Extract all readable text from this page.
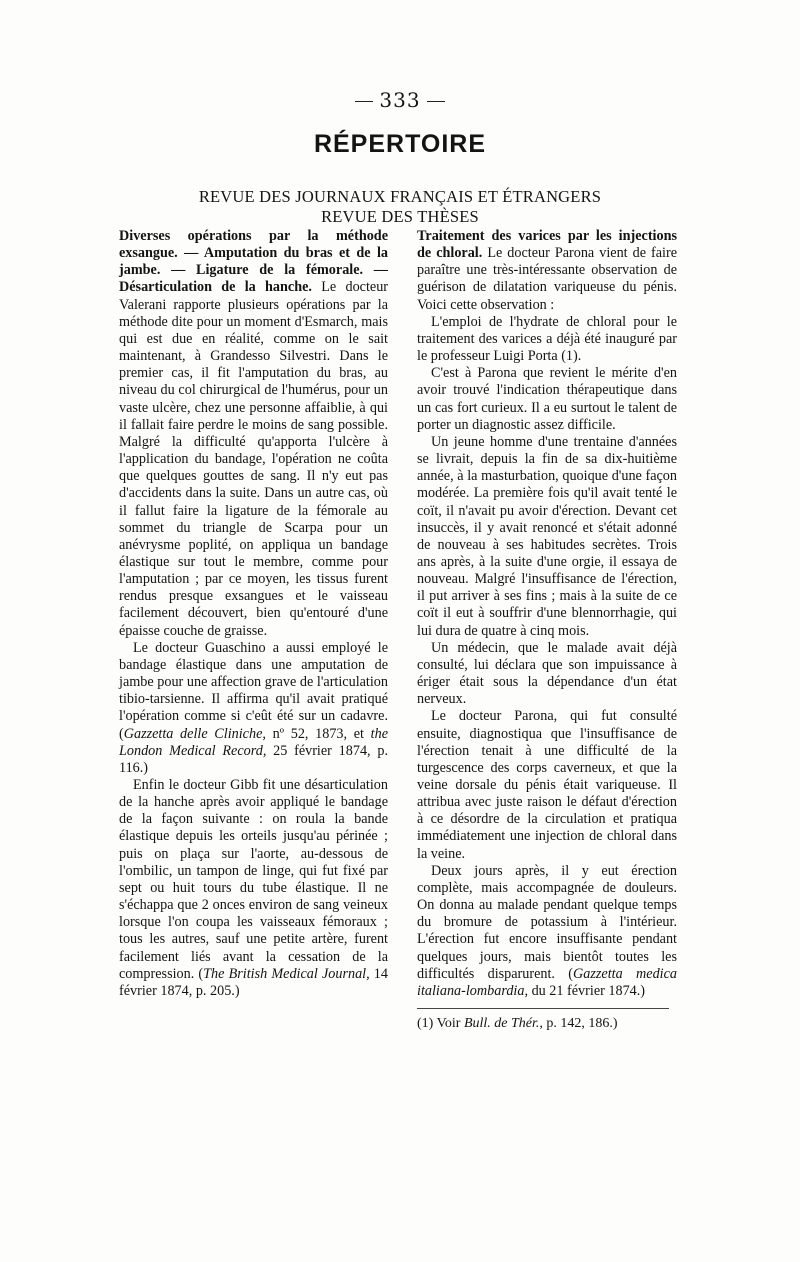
333
RÉPERTOIRE
REVUE DES JOURNAUX FRANÇAIS ET ÉTRANGERS
REVUE DES THÈSES

Diverses opérations par la méthode exsangue. — Amputation du bras et de la jambe. — Ligature de la fémorale. — Désarticulation de la hanche. Le docteur Valerani rapporte plusieurs opérations par la méthode dite pour un moment d'Esmarch, mais qui est due en réalité, comme on le sait maintenant, à Grandesso Silvestri. Dans le premier cas, il fit l'amputation du bras, au niveau du col chirurgical de l'humérus, pour un vaste ulcère, chez une personne affaiblie, à qui il fallait faire perdre le moins de sang possible. Malgré la difficulté qu'apporta l'ulcère à l'application du bandage, l'opération ne coûta que quelques gouttes de sang. Il n'y eut pas d'accidents dans la suite. Dans un autre cas, où il fallut faire la ligature de la fémorale au sommet du triangle de Scarpa pour un anévrysme poplité, on appliqua un bandage élastique sur tout le membre, comme pour l'amputation ; par ce moyen, les tissus furent rendus presque exsangues et le vaisseau facilement découvert, bien qu'entouré d'une épaisse couche de graisse.

Le docteur Guaschino a aussi employé le bandage élastique dans une amputation de jambe pour une affection grave de l'articulation tibio-tarsienne. Il affirma qu'il avait pratiqué l'opération comme si c'eût été sur un cadavre.(Gazzetta delle Cliniche, nº 52, 1873, et the London Medical Record, 25 février 1874, p. 116.)

Enfin le docteur Gibb fit une désarticulation de la hanche après avoir appliqué le bandage de la façon suivante : on roula la bande élastique depuis les orteils jusqu'au périnée ; puis on plaça sur l'aorte, au-dessous de l'ombilic, un tampon de linge, qui fut fixé par sept ou huit tours du tube élastique. Il ne s'échappa que 2 onces environ de sang veineux lorsque l'on coupa les vaisseaux fémoraux ; tous les autres, sauf une petite artère, furent facilement liés avant la cessation de la compression. (The British Medical Journal, 14 février 1874, p. 205.)

Traitement des varices par les injections de chloral. Le docteur Parona vient de faire paraître une très-intéressante observation de guérison de dilatation variqueuse du pénis. Voici cette observation :

L'emploi de l'hydrate de chloral pour le traitement des varices a déjà été inauguré par le professeur Luigi Porta (1).

C'est à Parona que revient le mérite d'en avoir trouvé l'indication thérapeutique dans un cas fort curieux. Il a eu surtout le talent de porter un diagnostic assez difficile.

Un jeune homme d'une trentaine d'années se livrait, depuis la fin de sa dix-huitième année, à la masturbation, quoique d'une façon modérée. La première fois qu'il avait tenté le coït, il n'avait pu avoir d'érection. Devant cet insuccès, il y avait renoncé et s'était adonné de nouveau à ses habitudes secrètes. Trois ans après, à la suite d'une orgie, il essaya de nouveau. Malgré l'insuffisance de l'érection, il put arriver à ses fins ; mais à la suite de ce coït il eut à souffrir d'une blennorrhagie, qui lui dura de quatre à cinq mois.

Un médecin, que le malade avait déjà consulté, lui déclara que son impuissance à ériger était sous la dépendance d'un état nerveux.

Le docteur Parona, qui fut consulté ensuite, diagnostiqua que l'insuffisance de l'érection tenait à une difficulté de la turgescence des corps caverneux, et que la veine dorsale du pénis était variqueuse. Il attribua avec juste raison le défaut d'érection à ce désordre de la circulation et pratiqua immédiatement une injection de chloral dans la veine.

Deux jours après, il y eut érection complète, mais accompagnée de douleurs. On donna au malade pendant quelque temps du bromure de potassium à l'intérieur. L'érection fut encore insuffisante pendant quelques jours, mais bientôt toutes les difficultés disparurent. (Gazzetta medica italiana-lombardia, du 21 février 1874.)

(1) Voir Bull. de Thér., p. 142, 186.)
